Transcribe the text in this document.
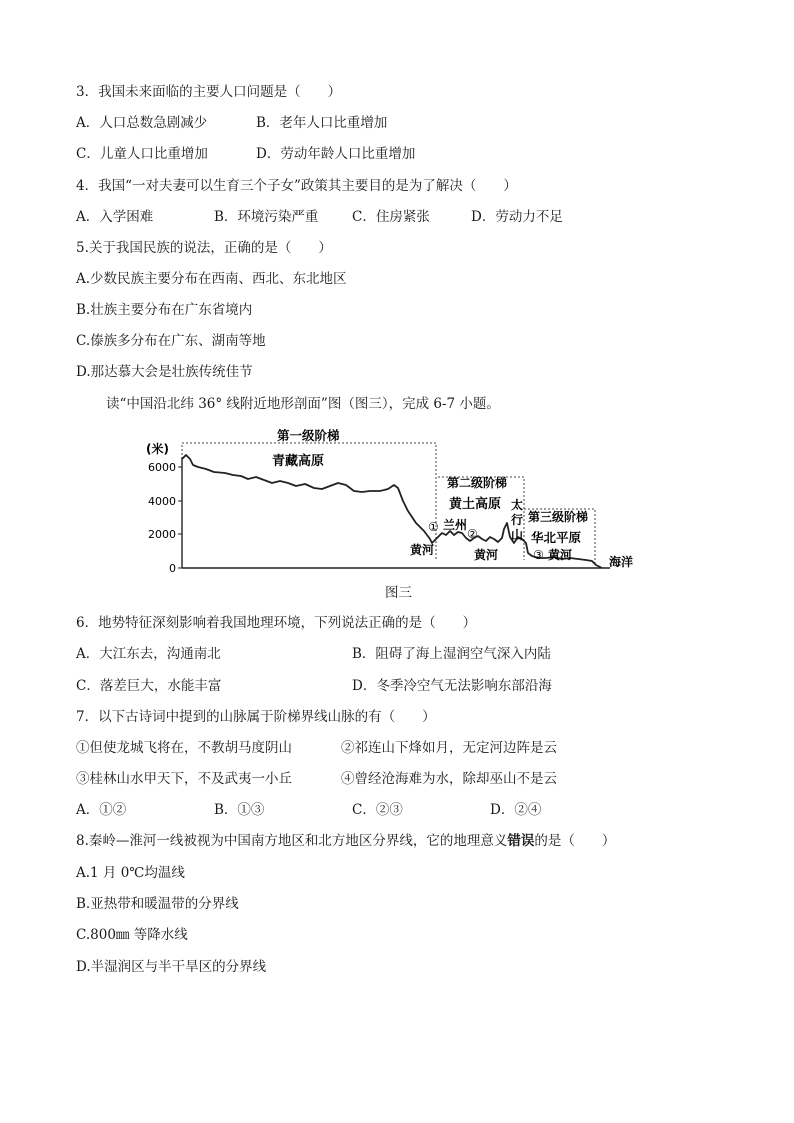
3．我国未来面临的主要人口问题是（　　）
A．人口总数急剧减少	B．老年人口比重增加
C．儿童人口比重增加	D．劳动年龄人口比重增加
4．我国“一对夫妻可以生育三个子女”政策其主要目的是为了解决（　　）
A．入学困难	B．环境污染严重 C．住房紧张	D．劳动力不足
5.关于我国民族的说法，正确的是（　　）
A.少数民族主要分布在西南、西北、东北地区
B.壮族主要分布在广东省境内
C.傣族多分布在广东、湖南等地
D.那达慕大会是壮族传统佳节
读“中国沿北纬 36° 线附近地形剖面”图（图三），完成 6-7 小题。
(米)
6000
4000
2000
0
第一级阶梯
青藏高原
第二级阶梯
黄土高原 太
行
山
第三级阶梯
华北平原
① 兰州
黄河
②
黄河	③ 黄河	海洋
图三
6．地势特征深刻影响着我国地理环境，下列说法正确的是（　　）
A．大江东去，沟通南北	B．阻碍了海上湿润空气深入内陆
C．落差巨大，水能丰富	D．冬季冷空气无法影响东部沿海
7．以下古诗词中提到的山脉属于阶梯界线山脉的有（　　）
①但使龙城飞将在，不教胡马度阴山	②祁连山下烽如月，无定河边阵是云
③桂林山水甲天下，不及武夷一小丘	④曾经沧海难为水，除却巫山不是云
A．①②	B．①③	C．②③	D．②④
8.秦岭—淮河一线被视为中国南方地区和北方地区分界线，它的地理意义错误的是（　　）
A.1 月 0℃均温线
B.亚热带和暖温带的分界线
C.800㎜ 等降水线
D.半湿润区与半干旱区的分界线
